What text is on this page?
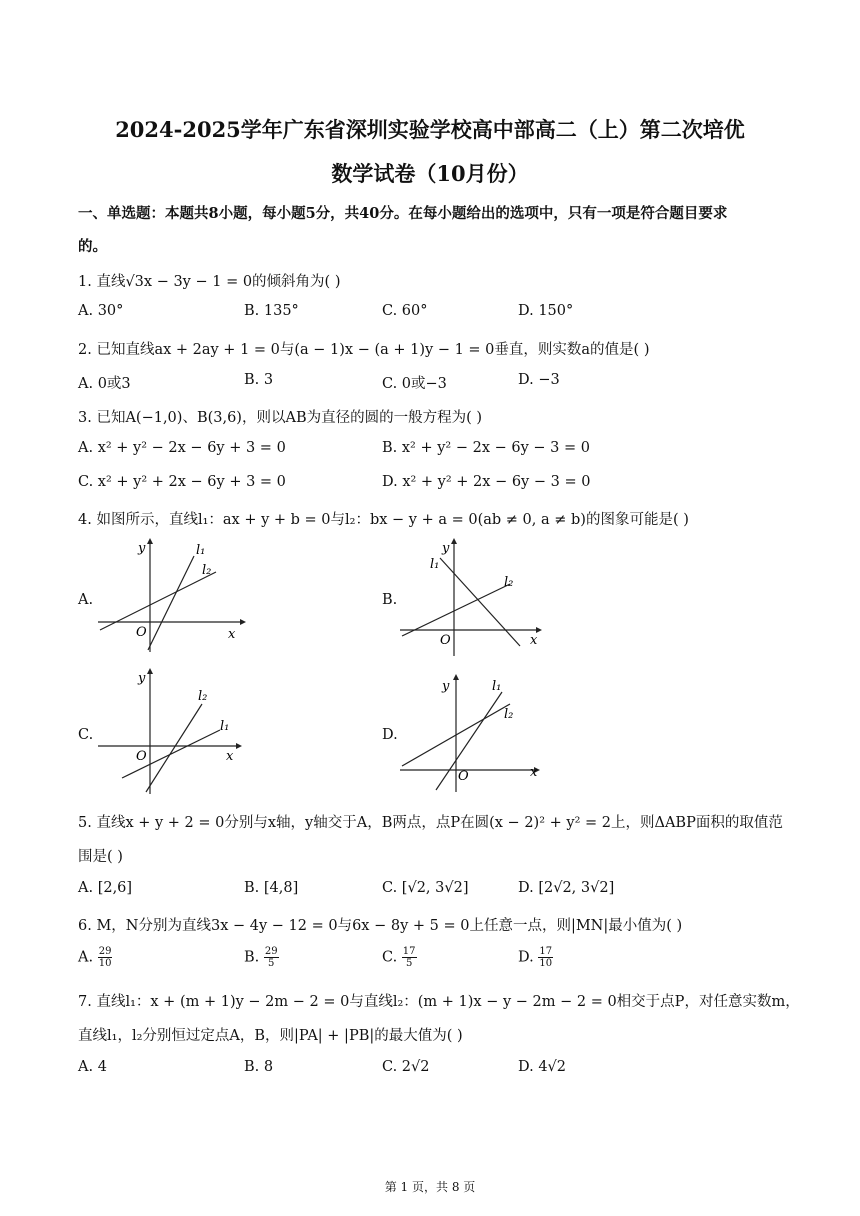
2024-2025学年广东省深圳实验学校高中部高二（上）第二次培优
数学试卷（10月份）
一、单选题：本题共8小题，每小题5分，共40分。在每小题给出的选项中，只有一项是符合题目要求
的。
1. 直线√3x − 3y − 1 = 0的倾斜角为( )
A. 30°	B. 135°	C. 60°	D. 150°
2. 已知直线ax + 2ay + 1 = 0与(a − 1)x − (a + 1)y − 1 = 0垂直，则实数a的值是( )
A. 0或3	B. 3	C. 0或−3	D. −3
3. 已知A(−1,0)、B(3,6)，则以AB为直径的圆的一般方程为( )
A. x² + y² − 2x − 6y + 3 = 0	B. x² + y² − 2x − 6y − 3 = 0
C. x² + y² + 2x − 6y + 3 = 0	D. x² + y² + 2x − 6y − 3 = 0
4. 如图所示，直线l₁：ax + y + b = 0与l₂：bx − y + a = 0(ab ≠ 0, a ≠ b)的图象可能是( )
A.
x
y
O
l₁
l₂
B.
x
y
O
l₁
l₂
C.
x
y
O
l₁
l₂
D.
x
y
O
l₁
l₂
5. 直线x + y + 2 = 0分别与x轴，y轴交于A，B两点，点P在圆(x − 2)² + y² = 2上，则ΔABP面积的取值范
围是( )
A. [2,6]	B. [4,8]	C. [√2, 3√2]	D. [2√2, 3√2]
6. M，N分别为直线3x − 4y − 12 = 0与6x − 8y + 5 = 0上任意一点，则|MN|最小值为( )
A. $\frac{29}{10}$	B. $\frac{29}{5}$	C. $\frac{17}{5}$	D. $\frac{17}{10}$
7. 直线l₁：x + (m + 1)y − 2m − 2 = 0与直线l₂：(m + 1)x − y − 2m − 2 = 0相交于点P，对任意实数m，
直线l₁，l₂分别恒过定点A，B，则|PA| + |PB|的最大值为( )
A. 4	B. 8	C. 2√2	D. 4√2
第 1 页，共 8 页
